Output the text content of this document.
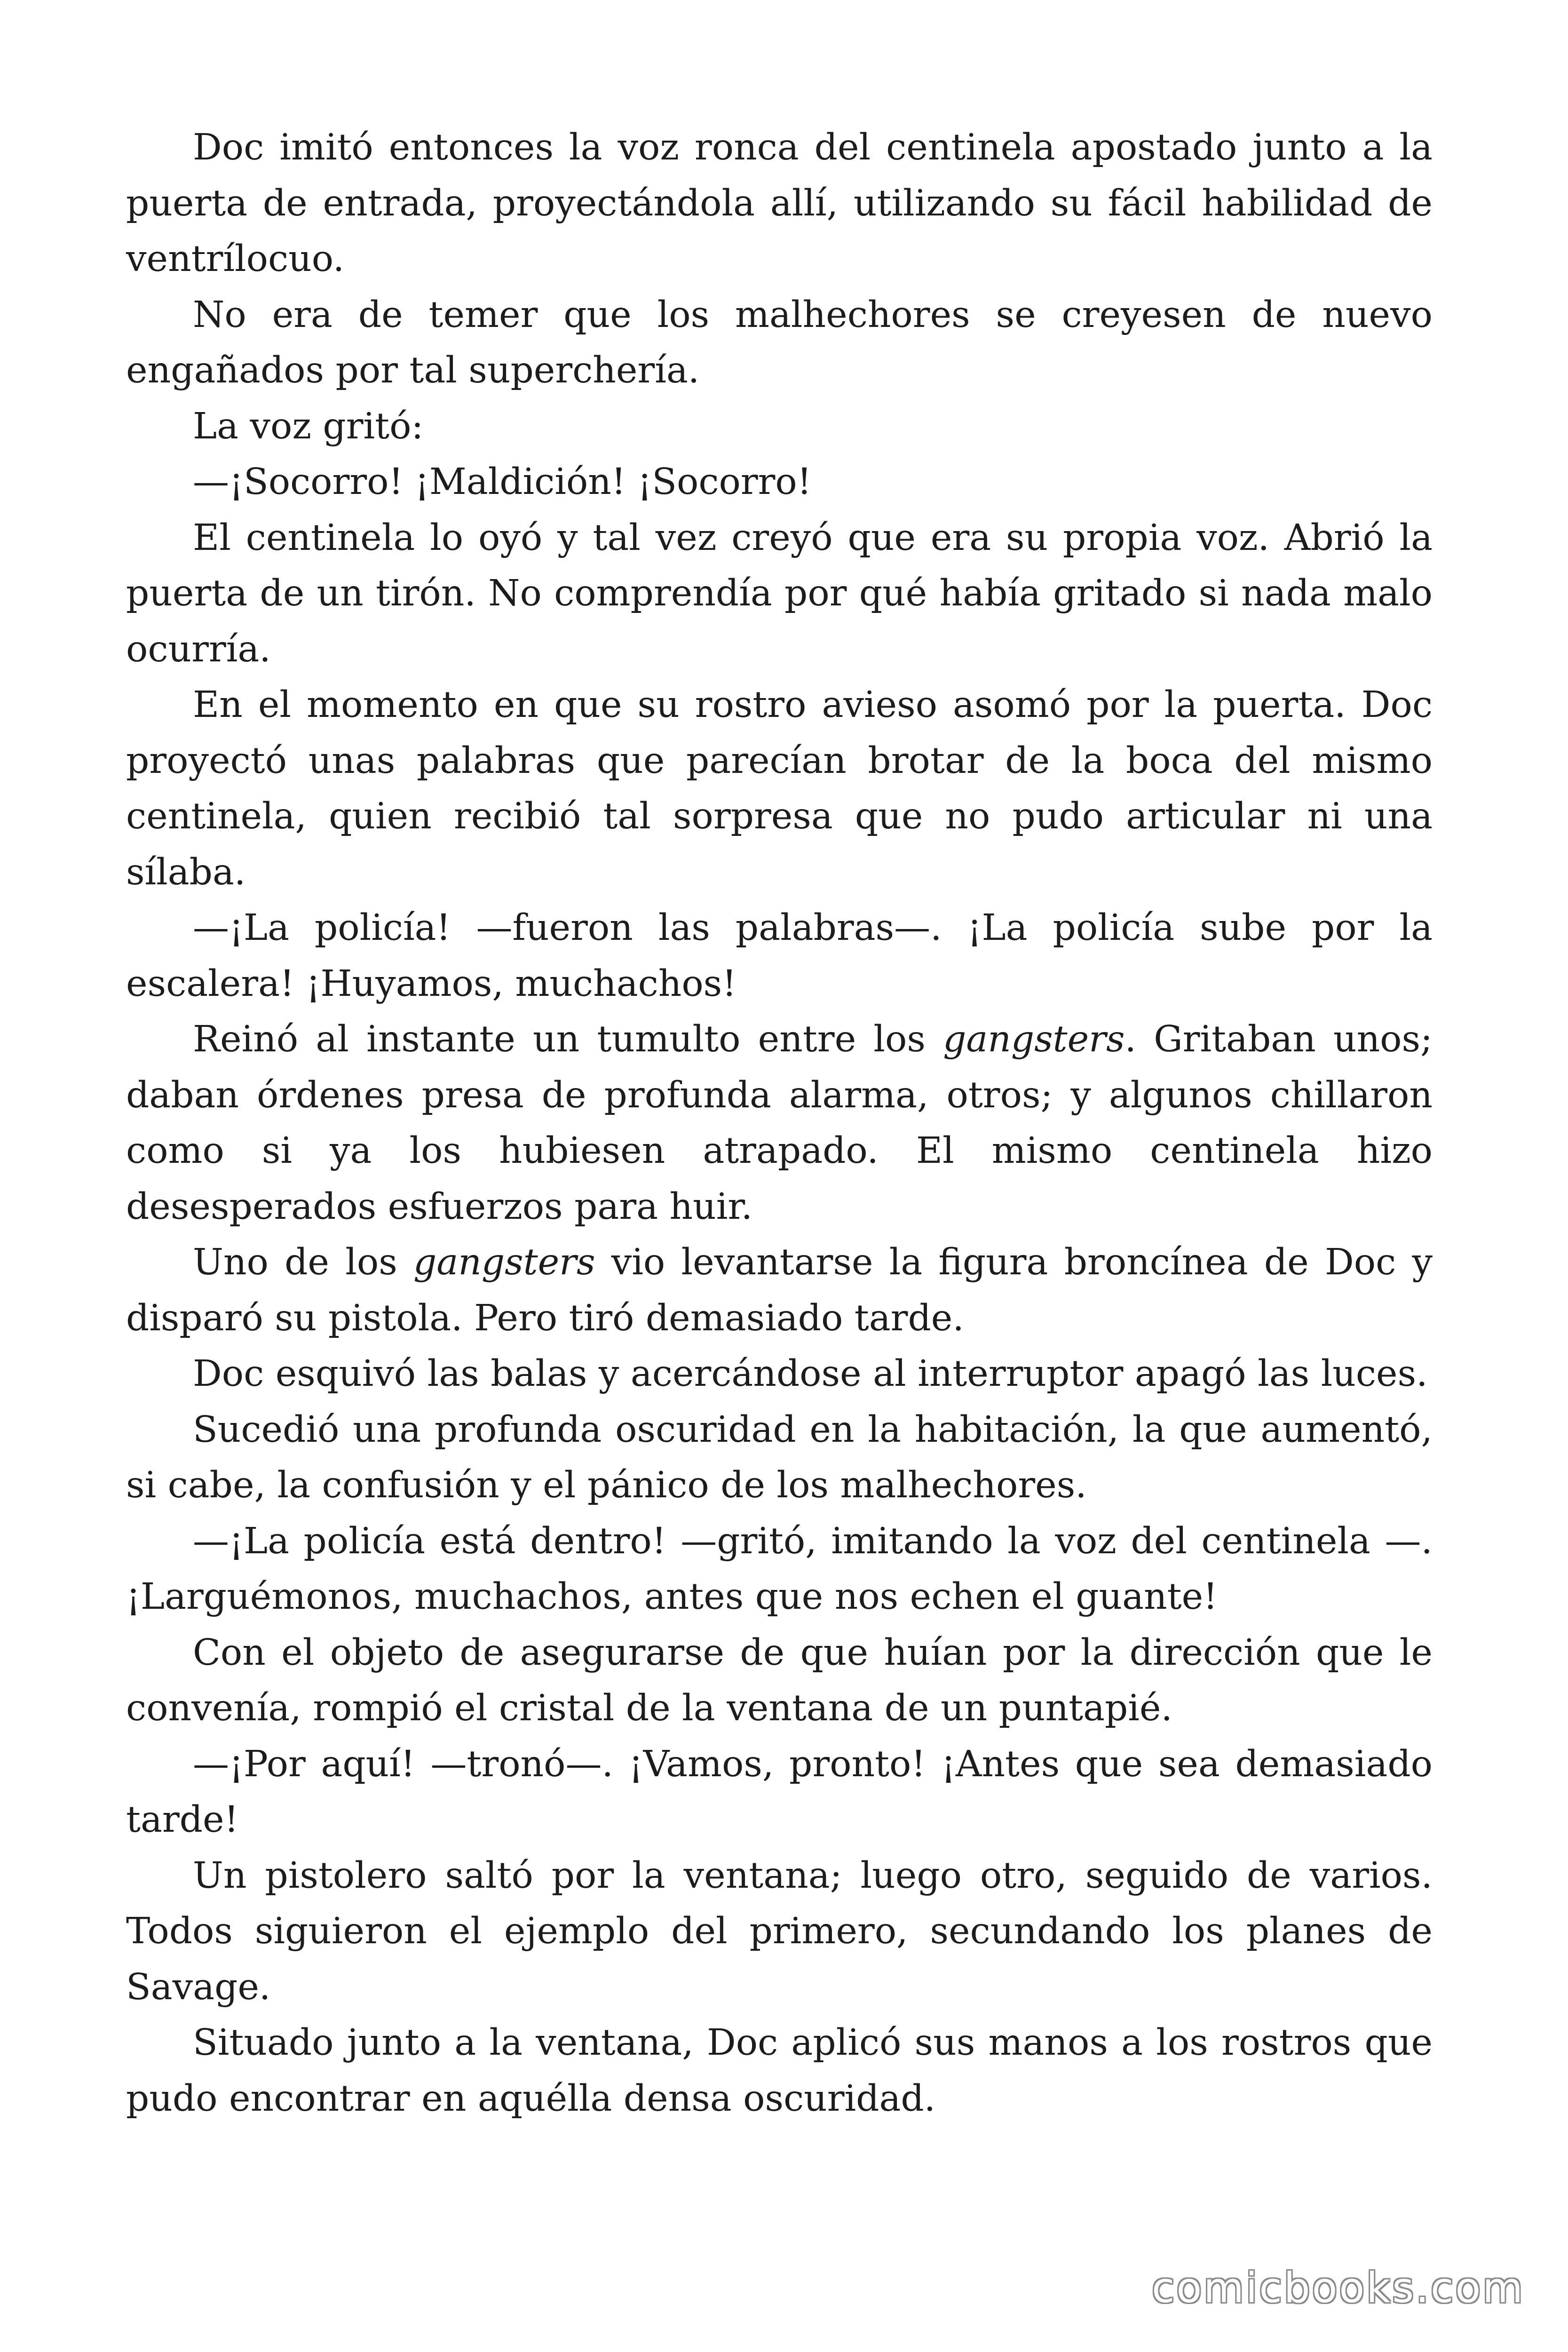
Doc imitó entonces la voz ronca del centinela apostado junto a la puerta de entrada, proyectándola allí, utilizando su fácil habilidad de ventrílocuo.

No era de temer que los malhechores se creyesen de nuevo engañados por tal superchería.

La voz gritó:

—¡Socorro! ¡Maldición! ¡Socorro!

El centinela lo oyó y tal vez creyó que era su propia voz. Abrió la puerta de un tirón. No comprendía por qué había gritado si nada malo ocurría.

En el momento en que su rostro avieso asomó por la puerta. Doc proyectó unas palabras que parecían brotar de la boca del mismo centinela, quien recibió tal sorpresa que no pudo articular ni una sílaba.

—¡La policía! —fueron las palabras—. ¡La policía sube por la escalera! ¡Huyamos, muchachos!

Reinó al instante un tumulto entre los gangsters. Gritaban unos; daban órdenes presa de profunda alarma, otros; y algunos chillaron como si ya los hubiesen atrapado. El mismo centinela hizo desesperados esfuerzos para huir.

Uno de los gangsters vio levantarse la figura broncínea de Doc y disparó su pistola. Pero tiró demasiado tarde.

Doc esquivó las balas y acercándose al interruptor apagó las luces.

Sucedió una profunda oscuridad en la habitación, la que aumentó, si cabe, la confusión y el pánico de los malhechores.

—¡La policía está dentro! —gritó, imitando la voz del centinela —. ¡Larguémonos, muchachos, antes que nos echen el guante!

Con el objeto de asegurarse de que huían por la dirección que le convenía, rompió el cristal de la ventana de un puntapié.

—¡Por aquí! —tronó—. ¡Vamos, pronto! ¡Antes que sea demasiado tarde!

Un pistolero saltó por la ventana; luego otro, seguido de varios. Todos siguieron el ejemplo del primero, secundando los planes de Savage.

Situado junto a la ventana, Doc aplicó sus manos a los rostros que pudo encontrar en aquélla densa oscuridad.

comicbooks.com
